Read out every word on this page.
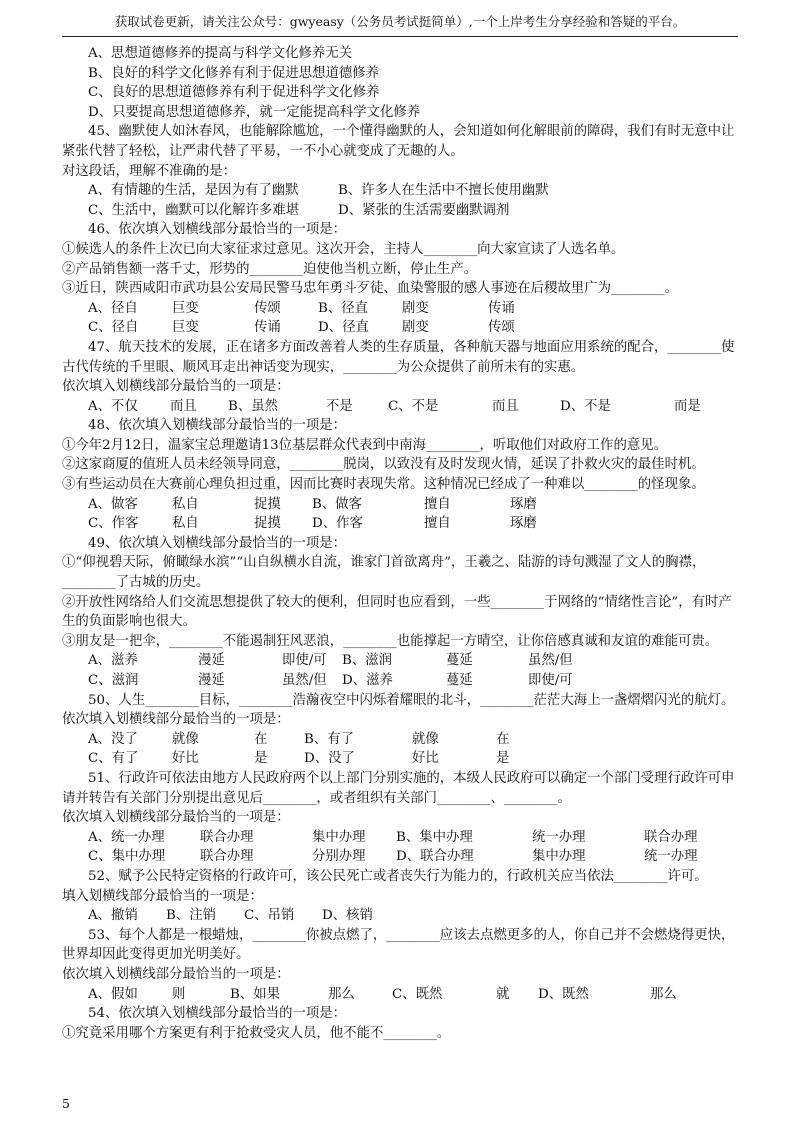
获取试卷更新，请关注公众号：gwyeasy（公务员考试挺简单）,一个上岸考生分享经验和答疑的平台。
A、思想道德修养的提高与科学文化修养无关
B、良好的科学文化修养有利于促进思想道德修养
C、良好的思想道德修养有利于促进科学文化修养
D、只要提高思想道德修养，就一定能提高科学文化修养
45、幽默使人如沐春风，也能解除尴尬，一个懂得幽默的人，会知道如何化解眼前的障碍，我们有时无意中让紧张代替了轻松，让严肃代替了平易，一不小心就变成了无趣的人。
对这段话，理解不准确的是：
A、有情趣的生活，是因为有了幽默	B、许多人在生活中不擅长使用幽默
C、生活中，幽默可以化解许多难堪	D、紧张的生活需要幽默调剂
46、依次填入划横线部分最恰当的一项是：
①候选人的条件上次已向大家征求过意见。这次开会，主持人________向大家宣读了人选名单。
②产品销售额一落千丈，形势的________迫使他当机立断，停止生产。
③近日，陕西咸阳市武功县公安局民警马忠年勇斗歹徒、血染警服的感人事迹在后稷故里广为________。
A、径自	巨变	传颂	B、径直	剧变	传诵
C、径自	巨变	传诵	D、径直	剧变	传颂
47、航天技术的发展，正在诸多方面改善着人类的生存质量，各种航天器与地面应用系统的配合，________使古代传统的千里眼、顺风耳走出神话变为现实，________为公众提供了前所未有的实惠。
依次填入划横线部分最恰当的一项是：
A、不仅	而且	B、虽然	不是	C、不是	而且	D、不是	而是
48、依次填入划横线部分最恰当的一项是：
①今年2月12日，温家宝总理邀请13位基层群众代表到中南海________，听取他们对政府工作的意见。
②这家商厦的值班人员未经领导同意，________脱岗，以致没有及时发现火情，延误了扑救火灾的最佳时机。
③有些运动员在大赛前心理负担过重，因而比赛时表现失常。这种情况已经成了一种难以________的怪现象。
A、做客	私自	捉摸	B、做客	擅自	琢磨
C、作客	私自	捉摸	D、作客	擅自	琢磨
49、依次填入划横线部分最恰当的一项是：
①“仰视碧天际，俯瞰绿水滨”“山自纵横水自流，谁家门首欲离舟”，王羲之、陆游的诗句溅湿了文人的胸襟，________了古城的历史。
②开放性网络给人们交流思想提供了较大的便利，但同时也应看到，一些________于网络的“情绪性言论”，有时产生的负面影响也很大。
③朋友是一把伞，________不能遏制狂风恶浪，________也能撑起一方晴空，让你倍感真诚和友谊的难能可贵。
A、滋养	漫延	即使/可	B、滋润	蔓延	虽然/但
C、滋润	漫延	虽然/但	D、滋养	蔓延	即使/可
50、人生________目标，________浩瀚夜空中闪烁着耀眼的北斗，________茫茫大海上一盏熠熠闪光的航灯。
依次填入划横线部分最恰当的一项是：
A、没了	就像	在	B、有了	就像	在
C、有了	好比	是	D、没了	好比	是
51、行政许可依法由地方人民政府两个以上部门分别实施的，本级人民政府可以确定一个部门受理行政许可申请并转告有关部门分别提出意见后________，或者组织有关部门________、________。
依次填入划横线部分最恰当的一项是：
A、统一办理	联合办理	集中办理	B、集中办理	统一办理	联合办理
C、集中办理	联合办理	分别办理	D、联合办理	集中办理	统一办理
52、赋予公民特定资格的行政许可，该公民死亡或者丧失行为能力的，行政机关应当依法________许可。
填入划横线部分最恰当的一项是：
A、撤销	B、注销	C、吊销	D、核销
53、每个人都是一根蜡烛，________你被点燃了，________应该去点燃更多的人，你自己并不会燃烧得更快，世界却因此变得更加光明美好。
依次填入划横线部分最恰当的一项是：
A、假如	则	B、如果	那么	C、既然	就	D、既然	那么
54、依次填入划横线部分最恰当的一项是：
①究竟采用哪个方案更有利于抢救受灾人员，他不能不________。
5
